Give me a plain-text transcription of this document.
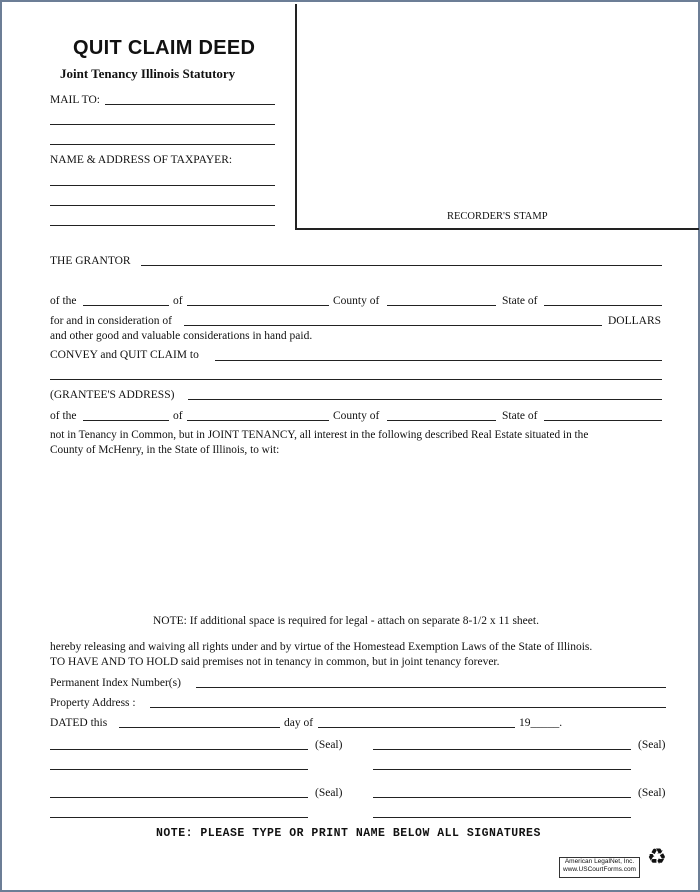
QUIT CLAIM DEED
Joint Tenancy Illinois Statutory
MAIL TO:
NAME & ADDRESS OF TAXPAYER:
RECORDER'S STAMP
THE GRANTOR
of the	of	County of	State of
for and in consideration of	DOLLARS
and other good and valuable considerations in hand paid.
CONVEY and QUIT CLAIM to
(GRANTEE'S ADDRESS)
of the	of	County of	State of
not in Tenancy in Common, but in JOINT TENANCY, all interest in the following described Real Estate situated in the
County of McHenry, in the State of Illinois, to wit:
NOTE: If additional space is required for legal - attach on separate 8-1/2 x 11 sheet.
hereby releasing and waiving all rights under and by virtue of the Homestead Exemption Laws of the State of Illinois.
TO HAVE AND TO HOLD said premises not in tenancy in common, but in joint tenancy forever.
Permanent Index Number(s)
Property Address :
DATED this	day of	19_____.
(Seal)	(Seal)
(Seal)	(Seal)
NOTE: PLEASE TYPE OR PRINT NAME BELOW ALL SIGNATURES
American LegalNet, Inc.
www.USCourtForms.com ♻
